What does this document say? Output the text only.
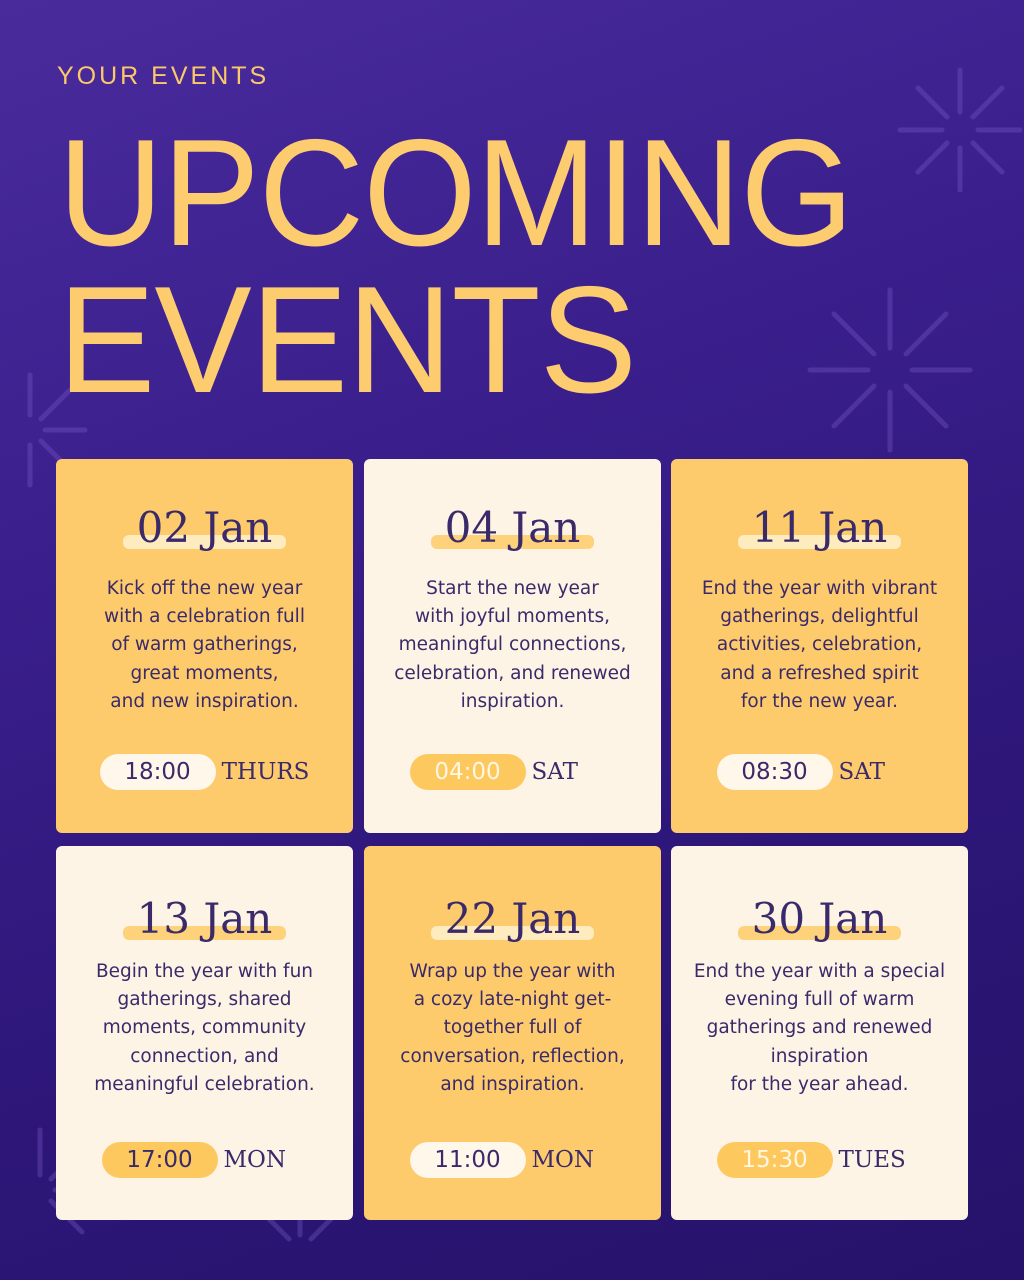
YOUR EVENTS
UPCOMING
EVENTS
02 Jan
Kick off the new year
with a celebration full
of warm gatherings,
great moments,
and new inspiration.
18:00	THURS
04 Jan
Start the new year
with joyful moments,
meaningful connections,
celebration, and renewed
inspiration.
04:00	SAT
11 Jan
End the year with vibrant
gatherings, delightful
activities, celebration,
and a refreshed spirit
for the new year.
08:30	SAT
13 Jan
Begin the year with fun
gatherings, shared
moments, community
connection, and
meaningful celebration.
17:00	MON
22 Jan
Wrap up the year with
a cozy late-night get-
together full of
conversation, reflection,
and inspiration.
11:00	MON
30 Jan
End the year with a special
evening full of warm
gatherings and renewed
inspiration
for the year ahead.
15:30	TUES
